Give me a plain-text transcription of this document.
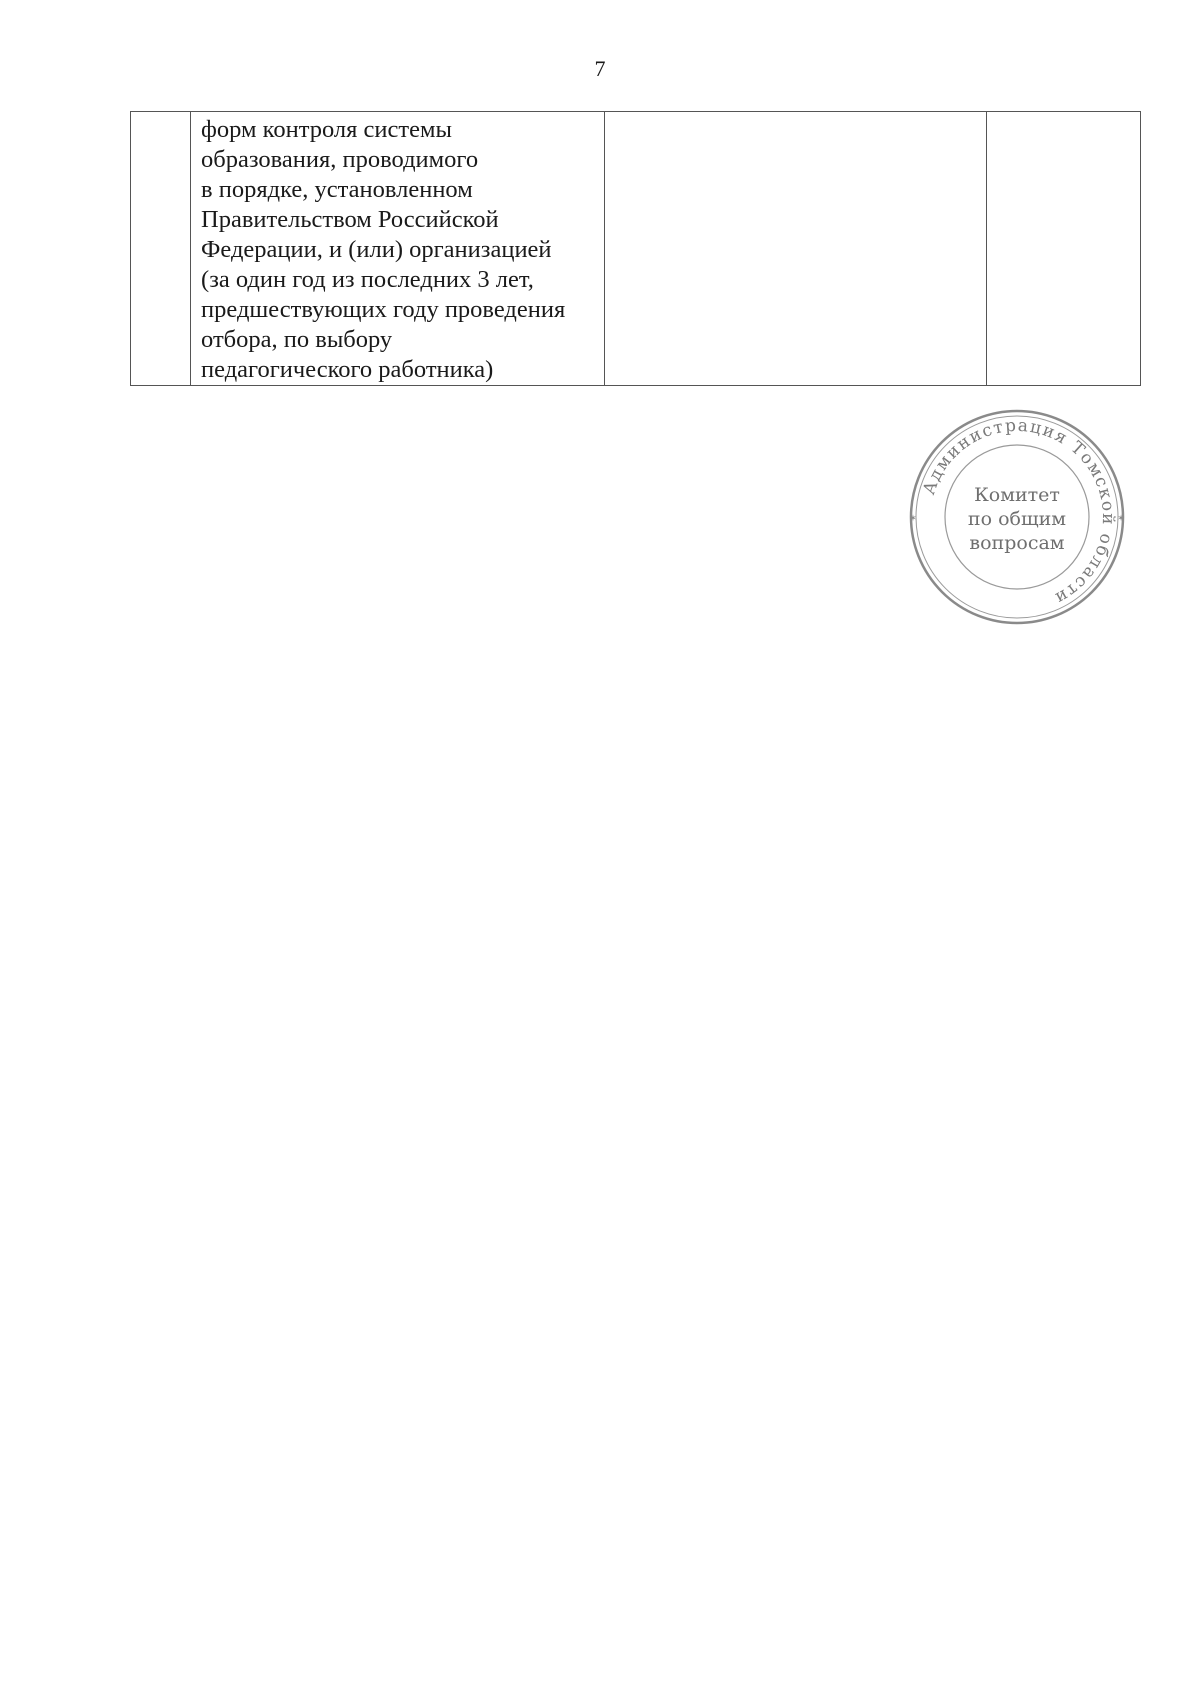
7

форм контроля системы
образования, проводимого
в порядке, установленном
Правительством Российской
Федерации, и (или) организацией
(за один год из последних 3 лет,
предшествующих году проведения
отбора, по выбору
педагогического работника)

Администрация Томской области
✶
✶
Комитет
по общим
вопросам
